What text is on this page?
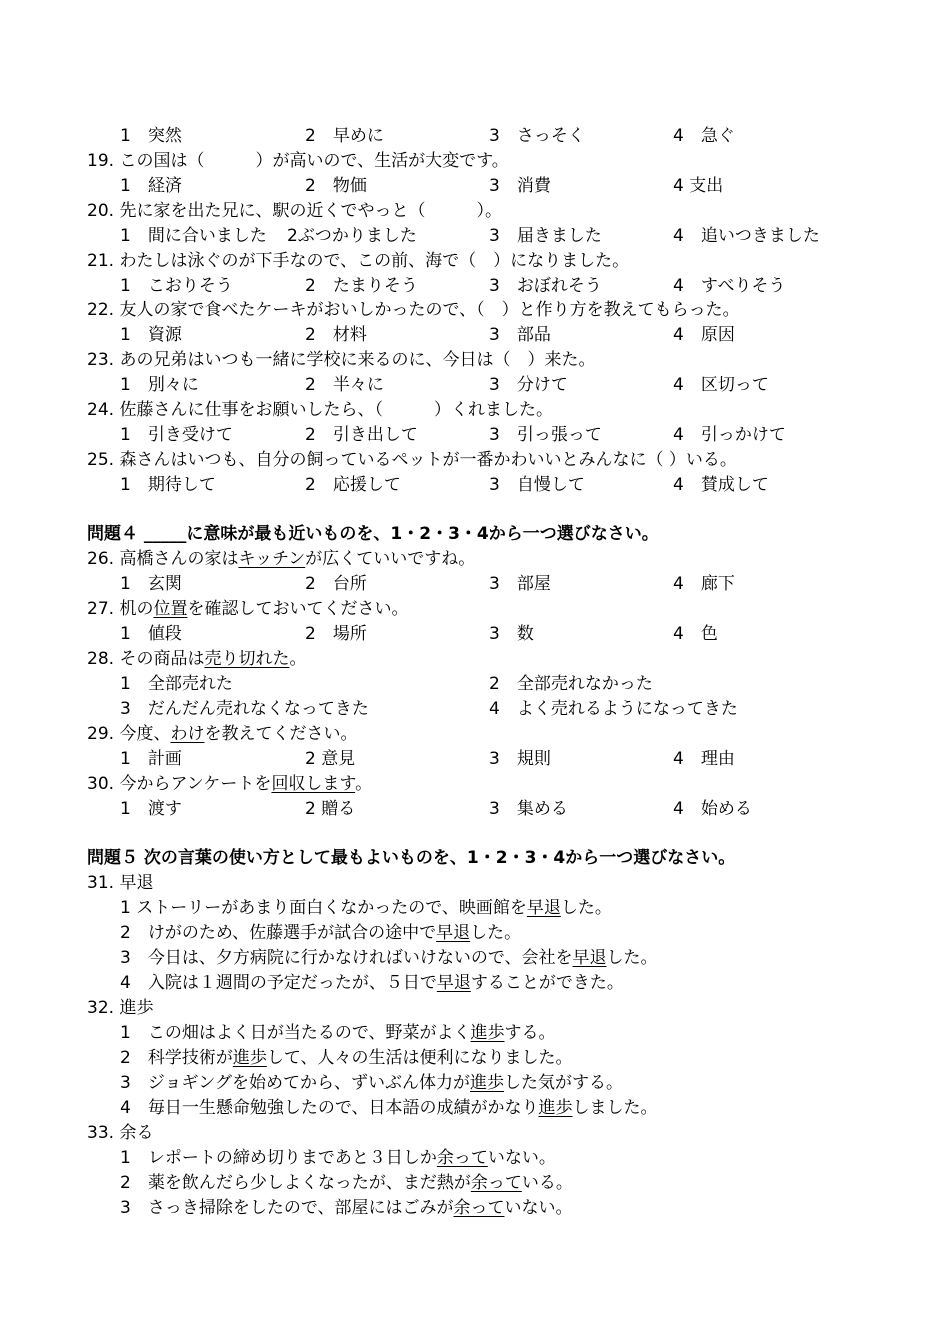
1　突然	2　早めに	3　さっそく	4　急ぐ
19. この国は（　　　）が高いので、生活が大変です。
1　経済	2　物価	3　消費	4 支出
20. 先に家を出た兄に、駅の近くでやっと（　　　）。
1　間に合いました 2ぶつかりました	3　届きました	4　追いつきました
21. わたしは泳ぐのが下手なので、この前、海で（　）になりました。
1　こおりそう	2　たまりそう	3　おぼれそう	4　すべりそう
22. 友人の家で食べたケーキがおいしかったので、（　）と作り方を教えてもらった。
1　資源	2　材料	3　部品	4　原因
23. あの兄弟はいつも一緒に学校に来るのに、今日は（　）来た。
1　別々に	2　半々に	3　分けて	4　区切って
24. 佐藤さんに仕事をお願いしたら、（　　　）くれました。
1　引き受けて	2　引き出して	3　引っ張って	4　引っかけて
25. 森さんはいつも、自分の飼っているペットが一番かわいいとみんなに（ ）いる。
1　期待して	2　応援して	3　自慢して	4　賛成して
問題４ _____に意味が最も近いものを、1・2・3・4から一つ選びなさい。
26. 高橋さんの家はキッチンが広くていいですね。
1　玄関	2　台所	3　部屋	4　廊下
27. 机の位置を確認しておいてください。
1　値段	2　場所	3　数	4　色
28. その商品は売り切れた。
1　全部売れた	2　全部売れなかった
3　だんだん売れなくなってきた	4　よく売れるようになってきた
29. 今度、わけを教えてください。
1　計画	2 意見	3　規則	4　理由
30. 今からアンケートを回収します。
1　渡す	2 贈る	3　集める	4　始める
問題５ 次の言葉の使い方として最もよいものを、1・2・3・4から一つ選びなさい。
31. 早退
1 ストーリーがあまり面白くなかったので、映画館を早退した。
2　けがのため、佐藤選手が試合の途中で早退した。
3　今日は、夕方病院に行かなければいけないので、会社を早退した。
4　入院は１週間の予定だったが、５日で早退することができた。
32. 進歩
1　この畑はよく日が当たるので、野菜がよく進歩する。
2　科学技術が進歩して、人々の生活は便利になりました。
3　ジョギングを始めてから、ずいぶん体力が進歩した気がする。
4　毎日一生懸命勉強したので、日本語の成績がかなり進歩しました。
33. 余る
1　レポートの締め切りまであと３日しか余っていない。
2　薬を飲んだら少しよくなったが、まだ熱が余っている。
3　さっき掃除をしたので、部屋にはごみが余っていない。
